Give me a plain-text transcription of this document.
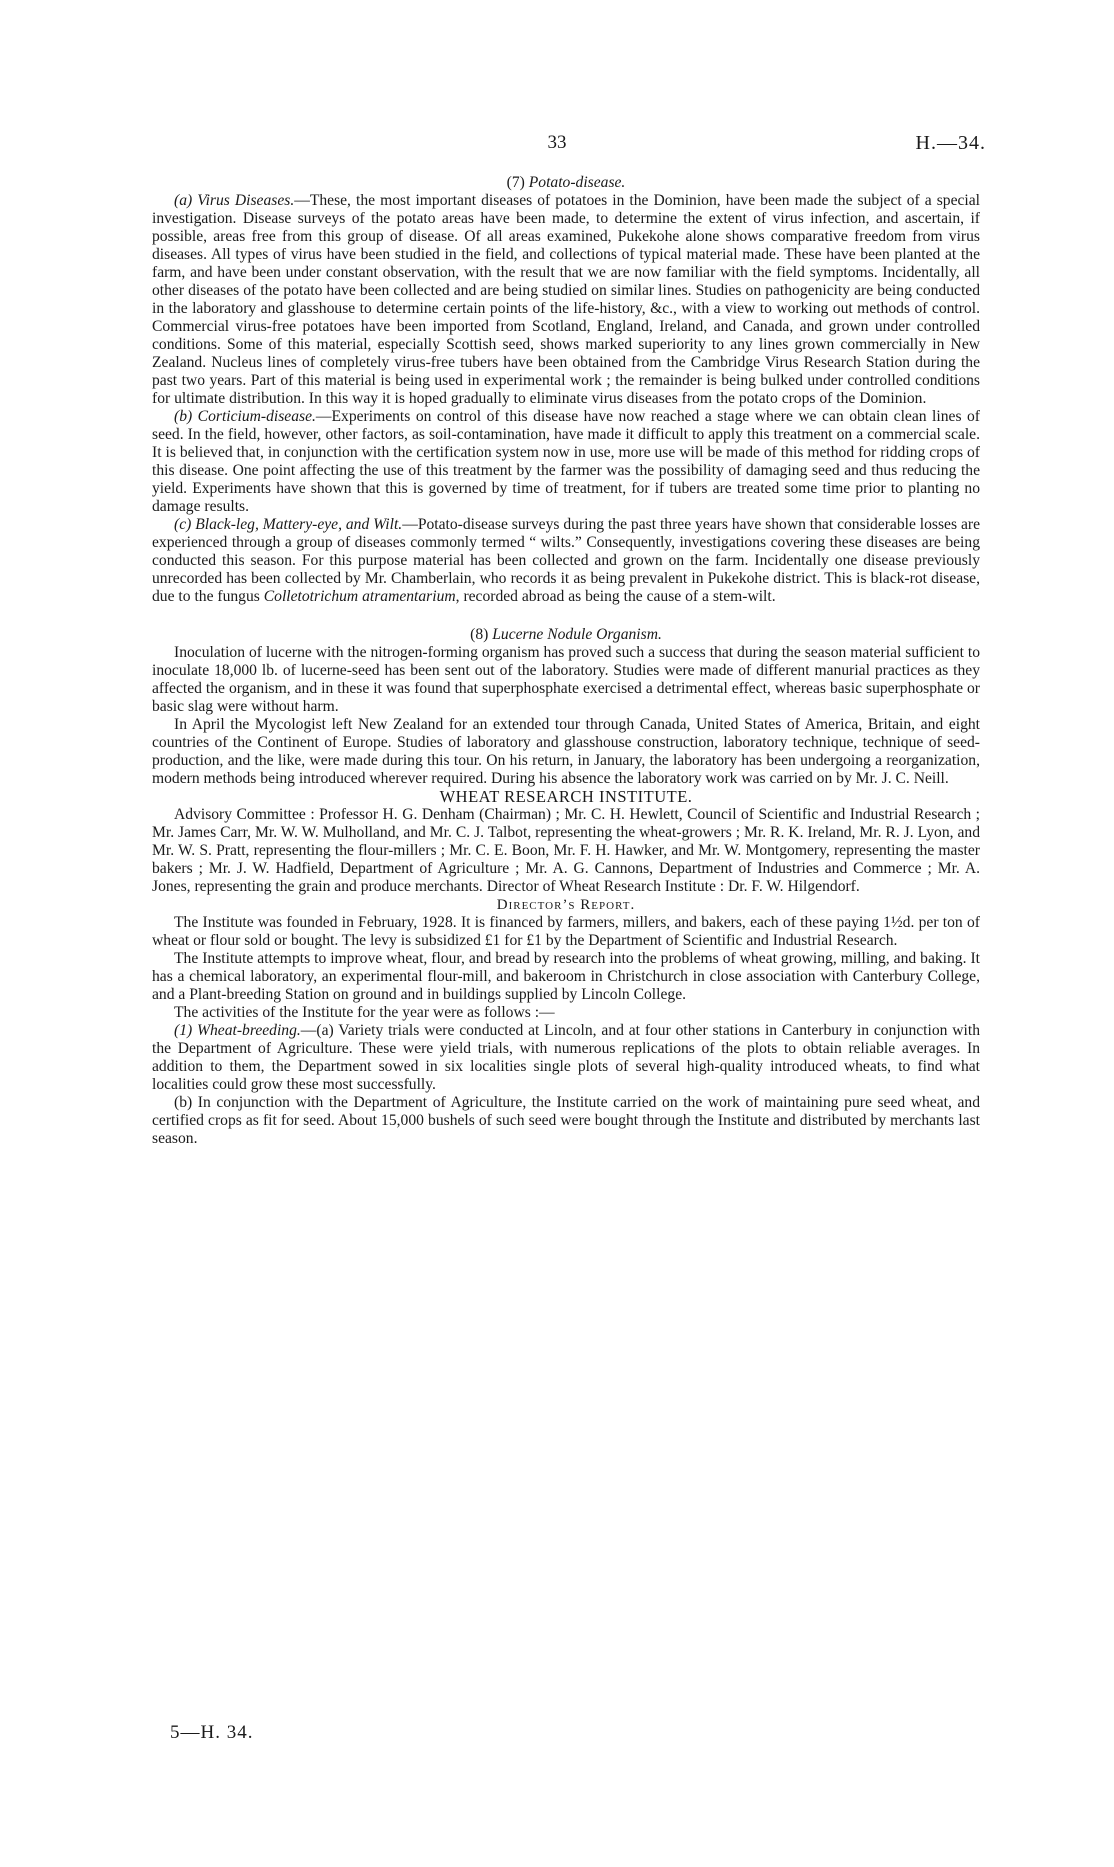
33	H.—34.

(7) Potato-disease.

(a) Virus Diseases.—These, the most important diseases of potatoes in the Dominion, have been made the subject of a special investigation. Disease surveys of the potato areas have been made, to determine the extent of virus infection, and ascertain, if possible, areas free from this group of disease. Of all areas examined, Pukekohe alone shows comparative freedom from virus diseases. All types of virus have been studied in the field, and collections of typical material made. These have been planted at the farm, and have been under constant observation, with the result that we are now familiar with the field symptoms. Incidentally, all other diseases of the potato have been collected and are being studied on similar lines. Studies on pathogenicity are being conducted in the laboratory and glasshouse to determine certain points of the life-history, &c., with a view to working out methods of control. Commercial virus-free potatoes have been imported from Scotland, England, Ireland, and Canada, and grown under controlled conditions. Some of this material, especially Scottish seed, shows marked superiority to any lines grown commercially in New Zealand. Nucleus lines of completely virus-free tubers have been obtained from the Cambridge Virus Research Station during the past two years. Part of this material is being used in experimental work ; the remainder is being bulked under controlled conditions for ultimate distribution. In this way it is hoped gradually to eliminate virus diseases from the potato crops of the Dominion.

(b) Corticium-disease.—Experiments on control of this disease have now reached a stage where we can obtain clean lines of seed. In the field, however, other factors, as soil-contamination, have made it difficult to apply this treatment on a commercial scale. It is believed that, in conjunction with the certification system now in use, more use will be made of this method for ridding crops of this disease. One point affecting the use of this treatment by the farmer was the possibility of damaging seed and thus reducing the yield. Experiments have shown that this is governed by time of treatment, for if tubers are treated some time prior to planting no damage results.

(c) Black-leg, Mattery-eye, and Wilt.—Potato-disease surveys during the past three years have shown that considerable losses are experienced through a group of diseases commonly termed “ wilts.” Consequently, investigations covering these diseases are being conducted this season. For this purpose material has been collected and grown on the farm. Incidentally one disease previously unrecorded has been collected by Mr. Chamberlain, who records it as being prevalent in Pukekohe district. This is black-rot disease, due to the fungus Colletotrichum atramentarium, recorded abroad as being the cause of a stem-wilt.

(8) Lucerne Nodule Organism.

Inoculation of lucerne with the nitrogen-forming organism has proved such a success that during the season material sufficient to inoculate 18,000 lb. of lucerne-seed has been sent out of the laboratory. Studies were made of different manurial practices as they affected the organism, and in these it was found that superphosphate exercised a detrimental effect, whereas basic superphosphate or basic slag were without harm.

In April the Mycologist left New Zealand for an extended tour through Canada, United States of America, Britain, and eight countries of the Continent of Europe. Studies of laboratory and glasshouse construction, laboratory technique, technique of seed-production, and the like, were made during this tour. On his return, in January, the laboratory has been undergoing a reorganization, modern methods being introduced wherever required. During his absence the laboratory work was carried on by Mr. J. C. Neill.

WHEAT RESEARCH INSTITUTE.

Advisory Committee : Professor H. G. Denham (Chairman) ; Mr. C. H. Hewlett, Council of Scientific and Industrial Research ; Mr. James Carr, Mr. W. W. Mulholland, and Mr. C. J. Talbot, representing the wheat-growers ; Mr. R. K. Ireland, Mr. R. J. Lyon, and Mr. W. S. Pratt, representing the flour-millers ; Mr. C. E. Boon, Mr. F. H. Hawker, and Mr. W. Montgomery, representing the master bakers ; Mr. J. W. Hadfield, Department of Agriculture ; Mr. A. G. Cannons, Department of Industries and Commerce ; Mr. A. Jones, representing the grain and produce merchants. Director of Wheat Research Institute : Dr. F. W. Hilgendorf.

Director’s Report.

The Institute was founded in February, 1928. It is financed by farmers, millers, and bakers, each of these paying 1½d. per ton of wheat or flour sold or bought. The levy is subsidized £1 for £1 by the Department of Scientific and Industrial Research.

The Institute attempts to improve wheat, flour, and bread by research into the problems of wheat growing, milling, and baking. It has a chemical laboratory, an experimental flour-mill, and bakeroom in Christchurch in close association with Canterbury College, and a Plant-breeding Station on ground and in buildings supplied by Lincoln College.

The activities of the Institute for the year were as follows :—

(1) Wheat-breeding.—(a) Variety trials were conducted at Lincoln, and at four other stations in Canterbury in conjunction with the Department of Agriculture. These were yield trials, with numerous replications of the plots to obtain reliable averages. In addition to them, the Department sowed in six localities single plots of several high-quality introduced wheats, to find what localities could grow these most successfully.

(b) In conjunction with the Department of Agriculture, the Institute carried on the work of maintaining pure seed wheat, and certified crops as fit for seed. About 15,000 bushels of such seed were bought through the Institute and distributed by merchants last season.

5—H. 34.
